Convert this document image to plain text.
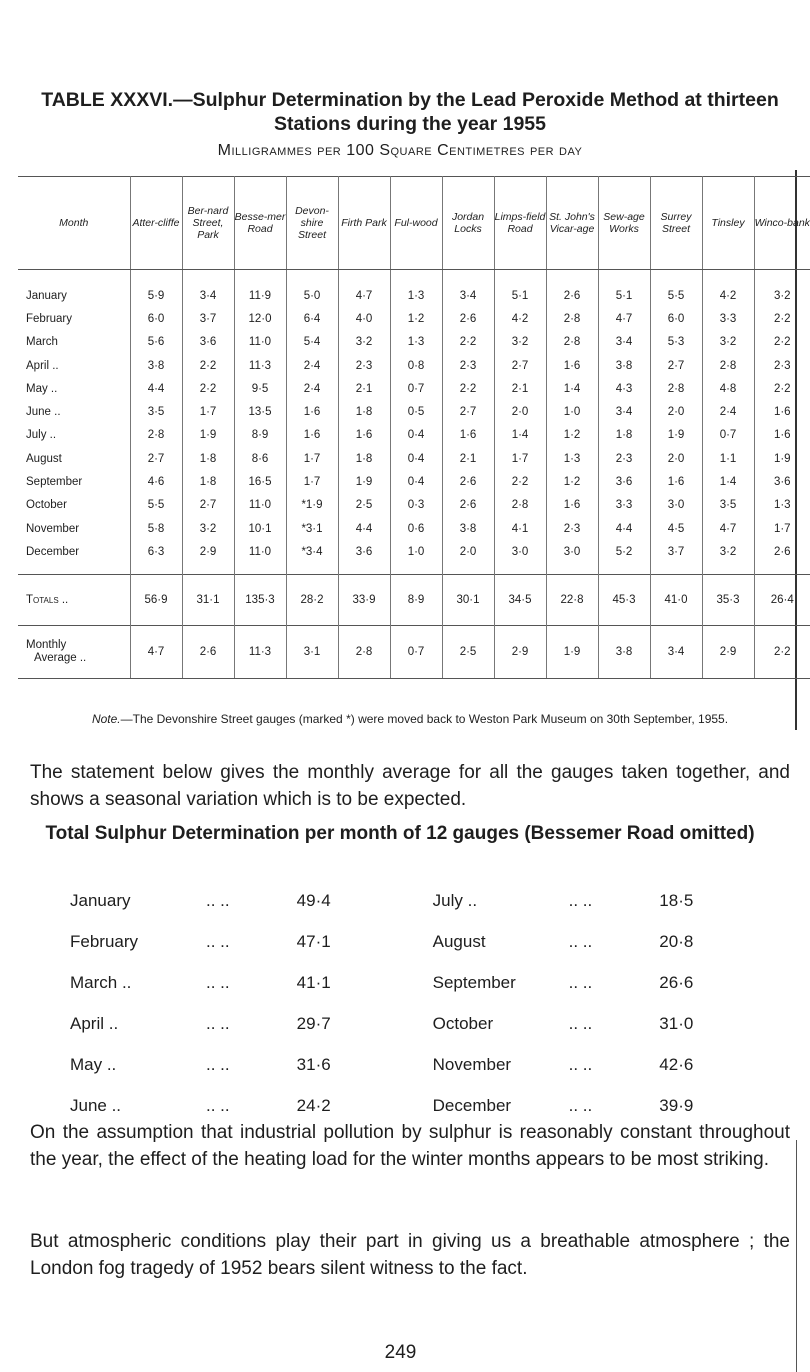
TABLE XXXVI.—Sulphur Determination by the Lead Peroxide Method at thirteen Stations during the year 1955
Milligrammes per 100 Square Centimetres per day
Month	Atter-cliffe	Ber-nard Street, Park	Besse-mer Road	Devon-shire Street	Firth Park	Ful-wood	Jordan Locks	Limps-field Road	St. John's Vicar-age	Sew-age Works	Surrey Street	Tinsley	Winco-bank
January	5·9	3·4	11·9	5·0	4·7	1·3	3·4	5·1	2·6	5·1	5·5	4·2	3·2
February	6·0	3·7	12·0	6·4	4·0	1·2	2·6	4·2	2·8	4·7	6·0	3·3	2·2
March	5·6	3·6	11·0	5·4	3·2	1·3	2·2	3·2	2·8	3·4	5·3	3·2	2·2
April ..	3·8	2·2	11·3	2·4	2·3	0·8	2·3	2·7	1·6	3·8	2·7	2·8	2·3
May ..	4·4	2·2	9·5	2·4	2·1	0·7	2·2	2·1	1·4	4·3	2·8	4·8	2·2
June ..	3·5	1·7	13·5	1·6	1·8	0·5	2·7	2·0	1·0	3·4	2·0	2·4	1·6
July ..	2·8	1·9	8·9	1·6	1·6	0·4	1·6	1·4	1·2	1·8	1·9	0·7	1·6
August	2·7	1·8	8·6	1·7	1·8	0·4	2·1	1·7	1·3	2·3	2·0	1·1	1·9
September	4·6	1·8	16·5	1·7	1·9	0·4	2·6	2·2	1·2	3·6	1·6	1·4	3·6
October	5·5	2·7	11·0	*1·9	2·5	0·3	2·6	2·8	1·6	3·3	3·0	3·5	1·3
November	5·8	3·2	10·1	*3·1	4·4	0·6	3·8	4·1	2·3	4·4	4·5	4·7	1·7
December	6·3	2·9	11·0	*3·4	3·6	1·0	2·0	3·0	3·0	5·2	3·7	3·2	2·6
Totals ..	56·9	31·1	135·3	28·2	33·9	8·9	30·1	34·5	22·8	45·3	41·0	35·3	26·4

Monthly
Average ..	4·7	2·6	11·3	3·1	2·8	0·7	2·5	2·9	1·9	3·8	3·4	2·9	2·2
Note.—The Devonshire Street gauges (marked *) were moved back to Weston Park Museum on 30th September, 1955.
The statement below gives the monthly average for all the gauges taken together, and shows a seasonal variation which is to be expected.
Total Sulphur Determination per month of 12 gauges (Bessemer Road omitted)
January	.. ..	49·4		July ..	.. ..	18·5
February	.. ..	47·1		August	.. ..	20·8
March ..	.. ..	41·1		September	.. ..	26·6
April ..	.. ..	29·7		October	.. ..	31·0
May ..	.. ..	31·6		November	.. ..	42·6
June ..	.. ..	24·2		December	.. ..	39·9
On the assumption that industrial pollution by sulphur is reasonably constant throughout the year, the effect of the heating load for the winter months appears to be most striking.
But atmospheric conditions play their part in giving us a breathable atmosphere ; the London fog tragedy of 1952 bears silent witness to the fact.
249
